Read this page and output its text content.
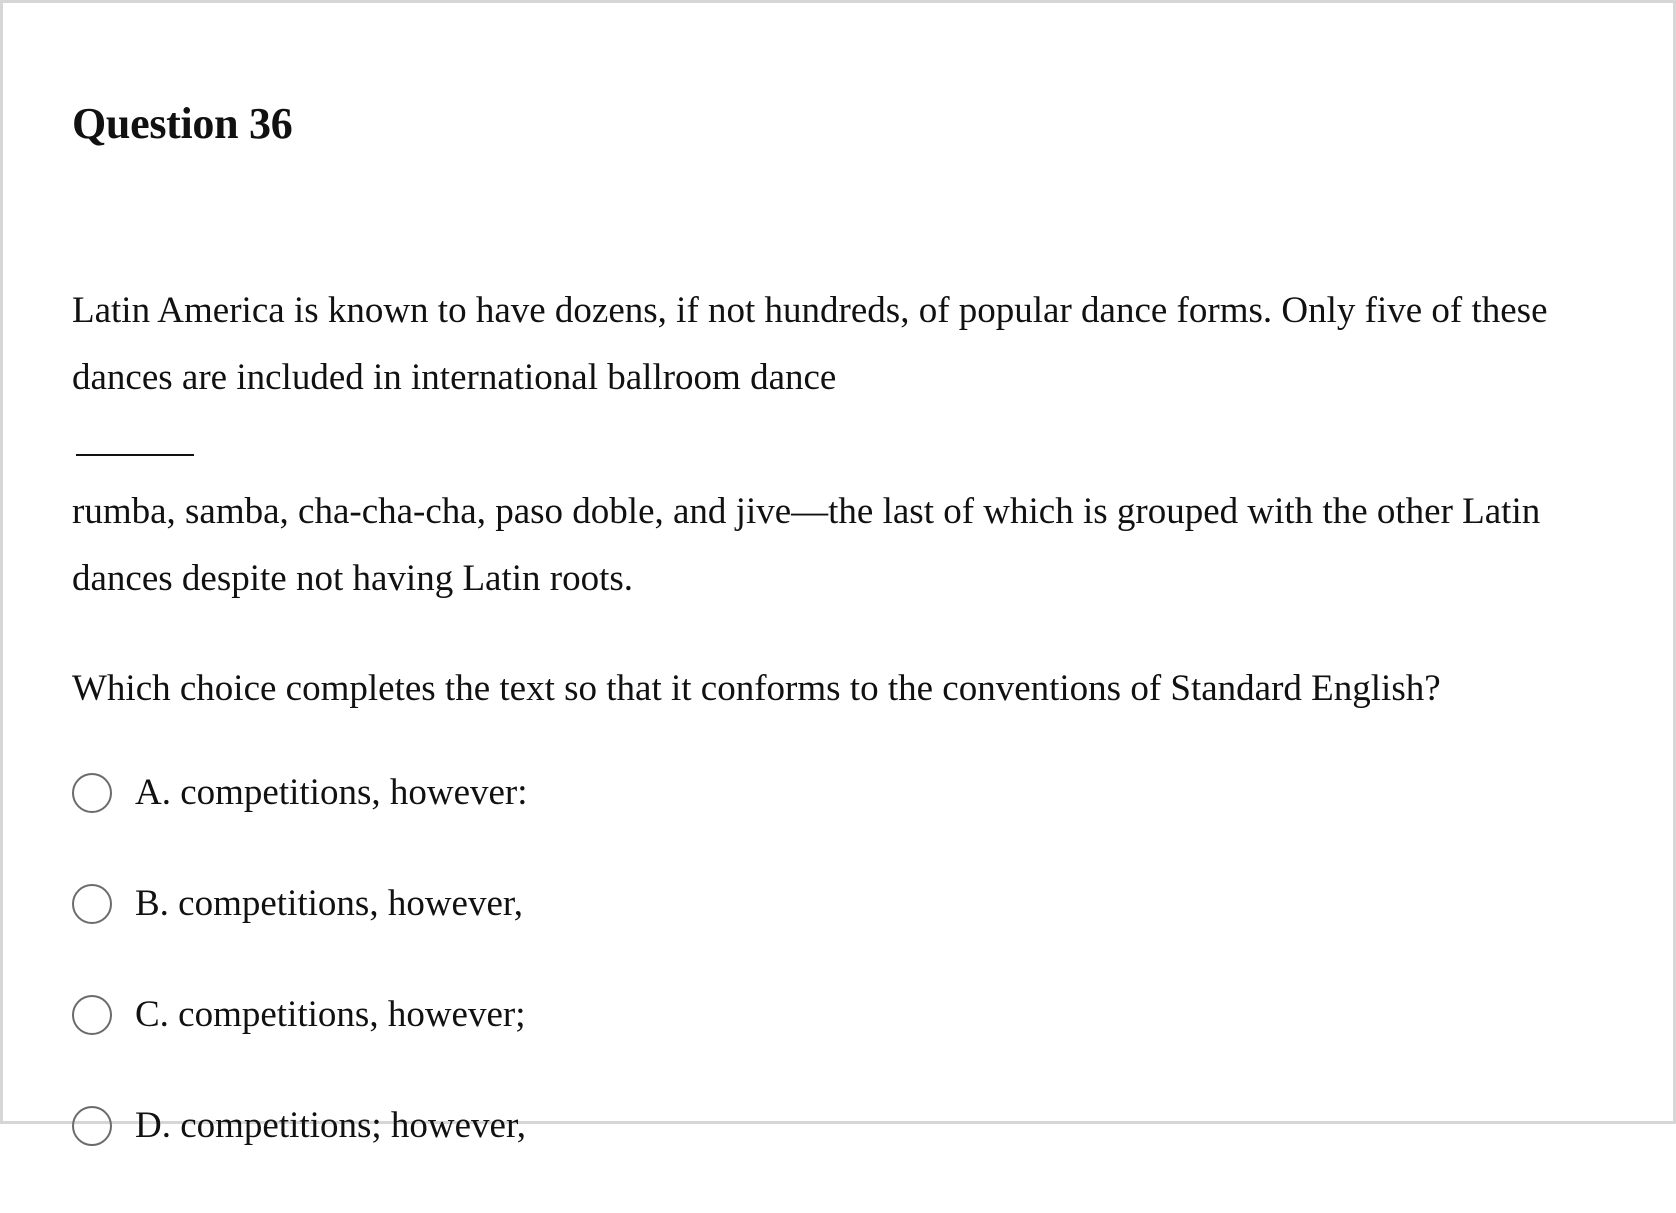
Question 36

Latin America is known to have dozens, if not hundreds, of popular dance forms. Only five of these dances are included in international ballroom dance

rumba, samba, cha-cha-cha, paso doble, and jive—the last of which is grouped with the other Latin dances despite not having Latin roots.

Which choice completes the text so that it conforms to the conventions of Standard English?
A. competitions, however:
B. competitions, however,
C. competitions, however;
D. competitions; however,
